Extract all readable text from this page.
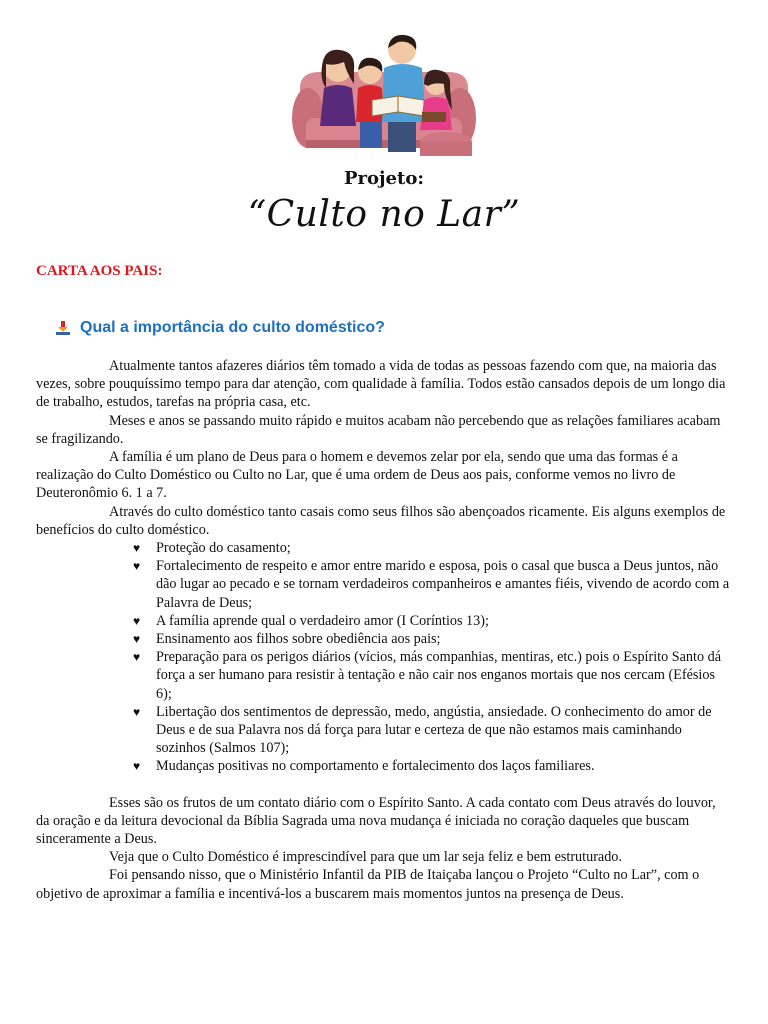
Projeto:
“Culto no Lar”
CARTA AOS PAIS:
Qual a importância do culto doméstico?

Atualmente tantos afazeres diários têm tomado a vida de todas as pessoas fazendo com que, na maioria das vezes, sobre pouquíssimo tempo para dar atenção, com qualidade à família. Todos estão cansados depois de um longo dia de trabalho, estudos, tarefas na própria casa, etc.

Meses e anos se passando muito rápido e muitos acabam não percebendo que as relações familiares acabam se fragilizando.

A família é um plano de Deus para o homem e devemos zelar por ela, sendo que uma das formas é a realização do Culto Doméstico ou Culto no Lar, que é uma ordem de Deus aos pais, conforme vemos no livro de Deuteronômio 6. 1 a 7.

Através do culto doméstico tanto casais como seus filhos são abençoados ricamente. Eis alguns exemplos de benefícios do culto doméstico.

♥ Proteção do casamento;
♥ Fortalecimento de respeito e amor entre marido e esposa, pois o casal que busca a Deus juntos, não dão lugar ao pecado e se tornam verdadeiros companheiros e amantes fiéis, vivendo de acordo com a Palavra de Deus;
♥ A família aprende qual o verdadeiro amor (I Coríntios 13);
♥ Ensinamento aos filhos sobre obediência aos pais;
♥ Preparação para os perigos diários (vícios, más companhias, mentiras, etc.) pois o Espírito Santo dá força a ser humano para resistir à tentação e não cair nos enganos mortais que nos cercam (Efésios 6);
♥ Libertação dos sentimentos de depressão, medo, angústia, ansiedade. O conhecimento do amor de Deus e de sua Palavra nos dá força para lutar e certeza de que não estamos mais caminhando sozinhos (Salmos 107);
♥ Mudanças positivas no comportamento e fortalecimento dos laços familiares.

Esses são os frutos de um contato diário com o Espírito Santo. A cada contato com Deus através do louvor, da oração e da leitura devocional da Bíblia Sagrada uma nova mudança é iniciada no coração daqueles que buscam sinceramente a Deus.

Veja que o Culto Doméstico é imprescindível para que um lar seja feliz e bem estruturado.

Foi pensando nisso, que o Ministério Infantil da PIB de Itaiçaba lançou o Projeto “Culto no Lar”, com o objetivo de aproximar a família e incentivá-los a buscarem mais momentos juntos na presença de Deus.
